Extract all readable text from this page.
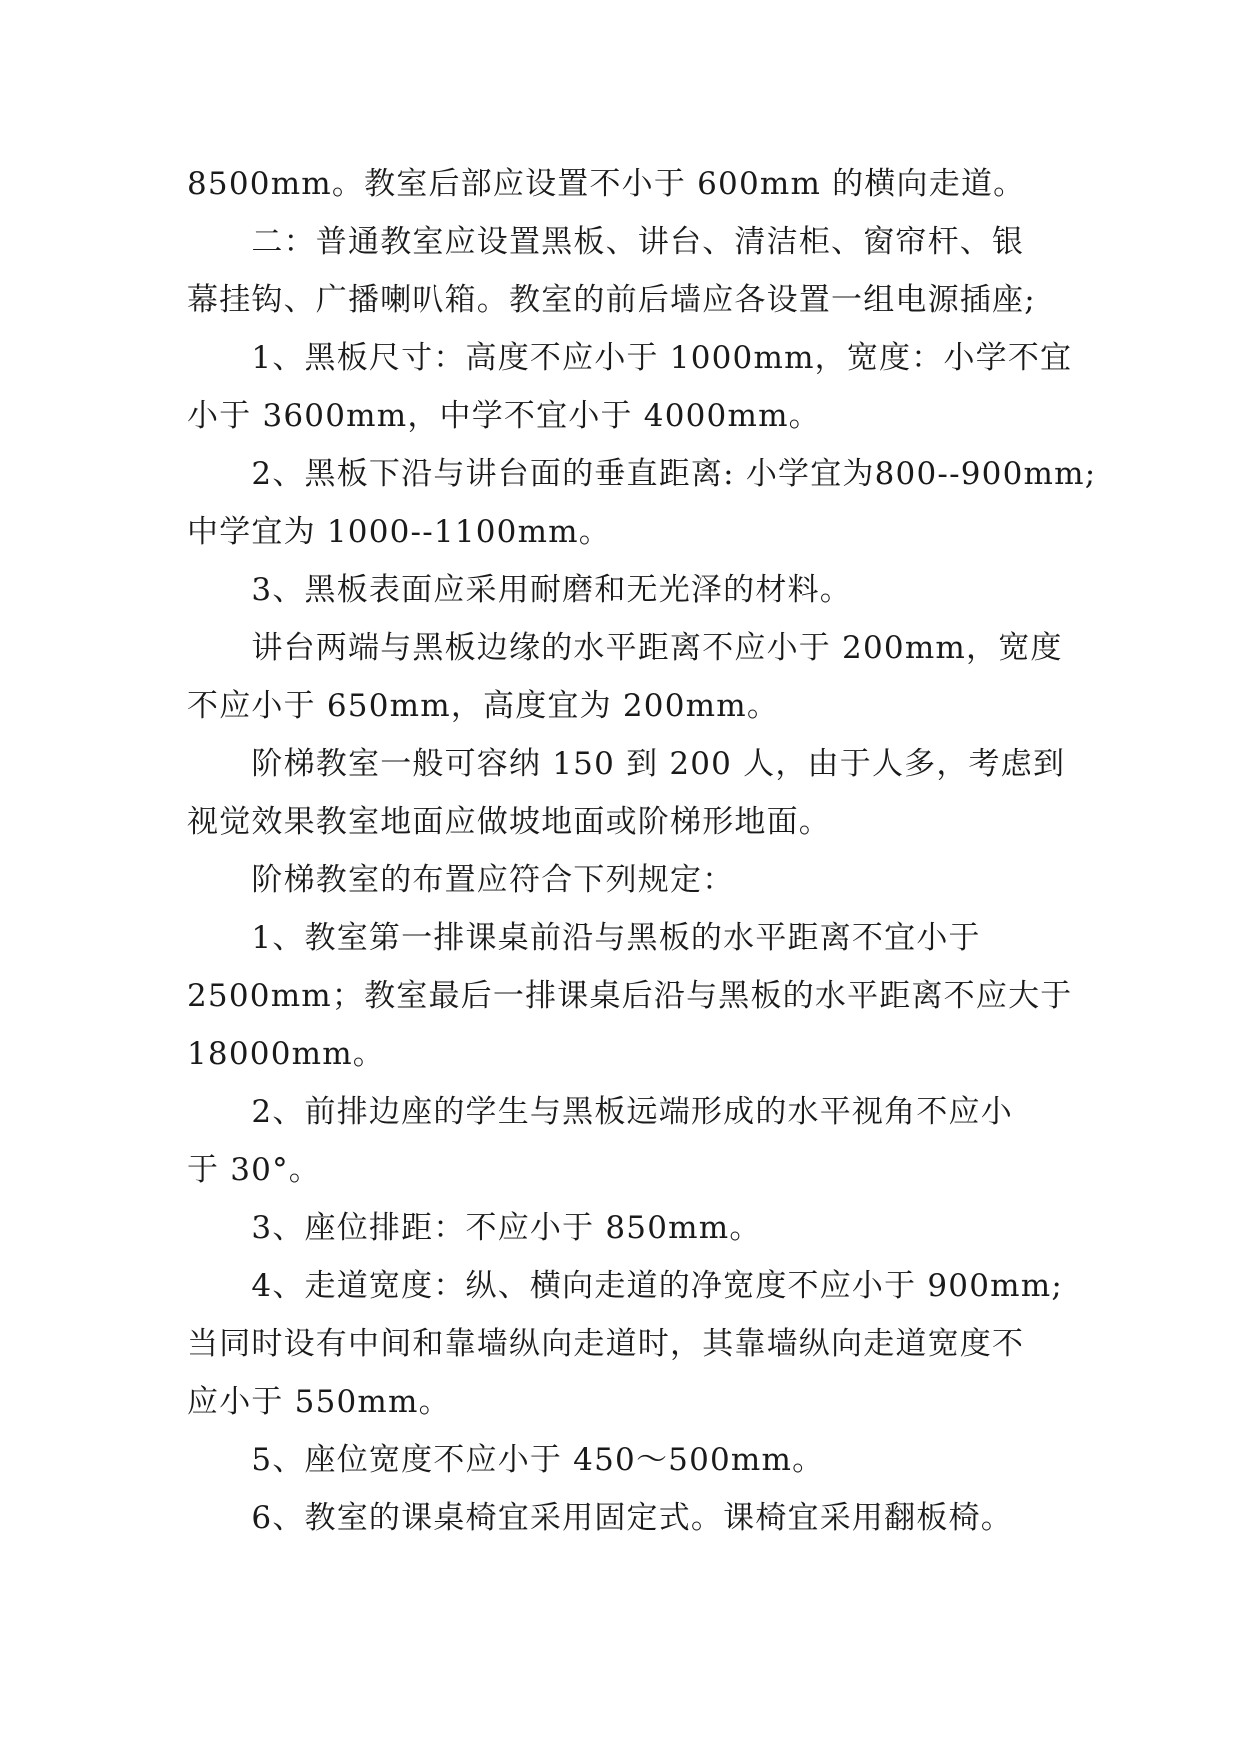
8500mm。教室后部应设置不小于 600mm 的横向走道。
　　二：普通教室应设置黑板、讲台、清洁柜、窗帘杆、银
幕挂钩、广播喇叭箱。教室的前后墙应各设置一组电源插座;
　　1、黑板尺寸：高度不应小于 1000mm，宽度：小学不宜
小于 3600mm，中学不宜小于 4000mm。
　　2、黑板下沿与讲台面的垂直距离: 小学宜为800--900mm;
中学宜为 1000--1100mm。
　　3、黑板表面应采用耐磨和无光泽的材料。
　　讲台两端与黑板边缘的水平距离不应小于 200mm，宽度
不应小于 650mm，高度宜为 200mm。
　　阶梯教室一般可容纳 150 到 200 人，由于人多，考虑到
视觉效果教室地面应做坡地面或阶梯形地面。
　　阶梯教室的布置应符合下列规定：
　　1、教室第一排课桌前沿与黑板的水平距离不宜小于
2500mm；教室最后一排课桌后沿与黑板的水平距离不应大于
18000mm。
　　2、前排边座的学生与黑板远端形成的水平视角不应小
于 30°。
　　3、座位排距：不应小于 850mm。
　　4、走道宽度：纵、横向走道的净宽度不应小于 900mm;
当同时设有中间和靠墙纵向走道时，其靠墙纵向走道宽度不
应小于 550mm。
　　5、座位宽度不应小于 450～500mm。
　　6、教室的课桌椅宜采用固定式。课椅宜采用翻板椅。
